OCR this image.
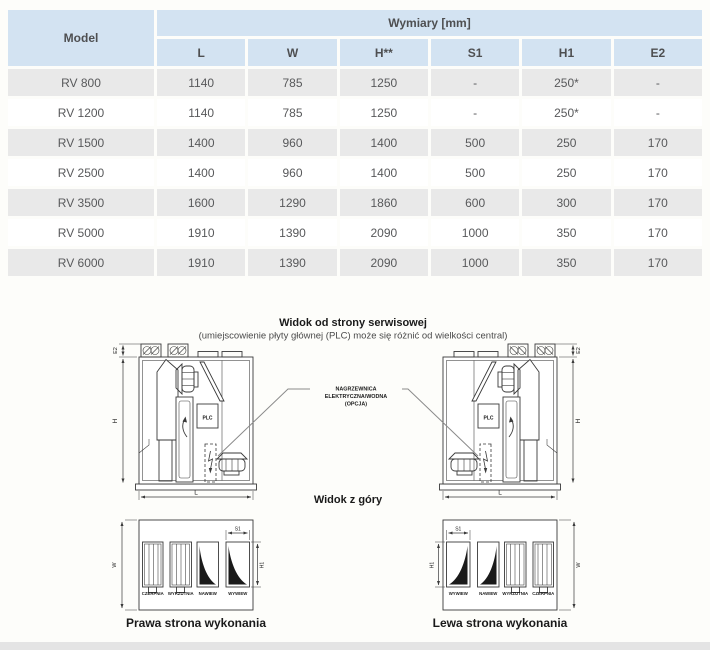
Model	Wymiary [mm]					
	L	W	H**	S1	H1	E2
RV 800	1140	785	1250	-	250*	-
RV 1200	1140	785	1250	-	250*	-
RV 1500	1400	960	1400	500	250	170
RV 2500	1400	960	1400	500	250	170
RV 3500	1600	1290	1860	600	300	170
RV 5000	1910	1390	2090	1000	350	170
RV 6000	1910	1390	2090	1000	350	170
Widok od strony serwisowej
(umiejscowienie płyty głównej (PLC) może się różnić od wielkości central)
PLC
E2
H
L
PLC
E2
H
L
NAGRZEWNICA
ELEKTRYCZNA/WODNA
(OPCJA)
Widok z góry
W
S1
H1
CZERPNIA WYRZUTNIA NAWIEW	WYWIEW
Prawa strona wykonania
W
S1
H1
WYWIEW	NAWIEW WYRZUTNIA CZERPNIA
Lewa strona wykonania
